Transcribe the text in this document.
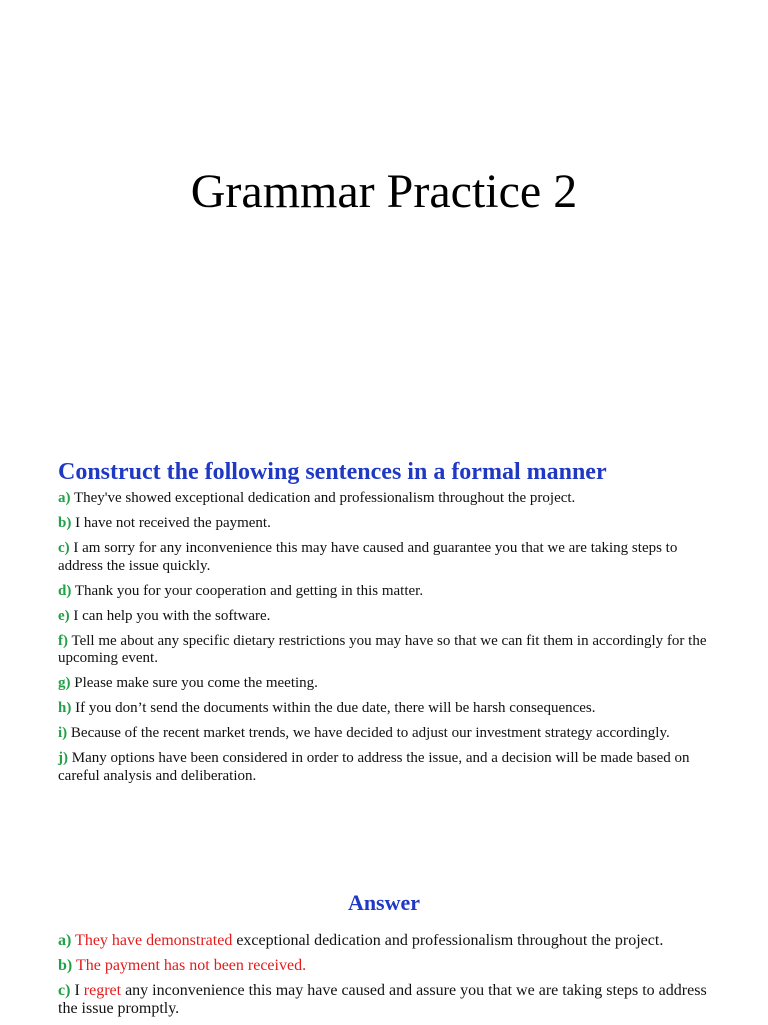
Grammar Practice 2
Construct the following sentences in a formal manner
a) They've showed exceptional dedication and professionalism throughout the project.
b) I have not received the payment.
c) I am sorry for any inconvenience this may have caused and guarantee you that we are taking steps to address the issue quickly.
d) Thank you for your cooperation and getting in this matter.
e) I can help you with the software.
f) Tell me about any specific dietary restrictions you may have so that we can fit them in accordingly for the upcoming event.
g) Please make sure you come the meeting.
h) If you don’t send the documents within the due date, there will be harsh consequences.
i) Because of the recent market trends, we have decided to adjust our investment strategy accordingly.
j) Many options have been considered in order to address the issue, and a decision will be made based on careful analysis and deliberation.
Answer
a) They have demonstrated exceptional dedication and professionalism throughout the project.
b) The payment has not been received.
c) I regret any inconvenience this may have caused and assure you that we are taking steps to address the issue promptly.
